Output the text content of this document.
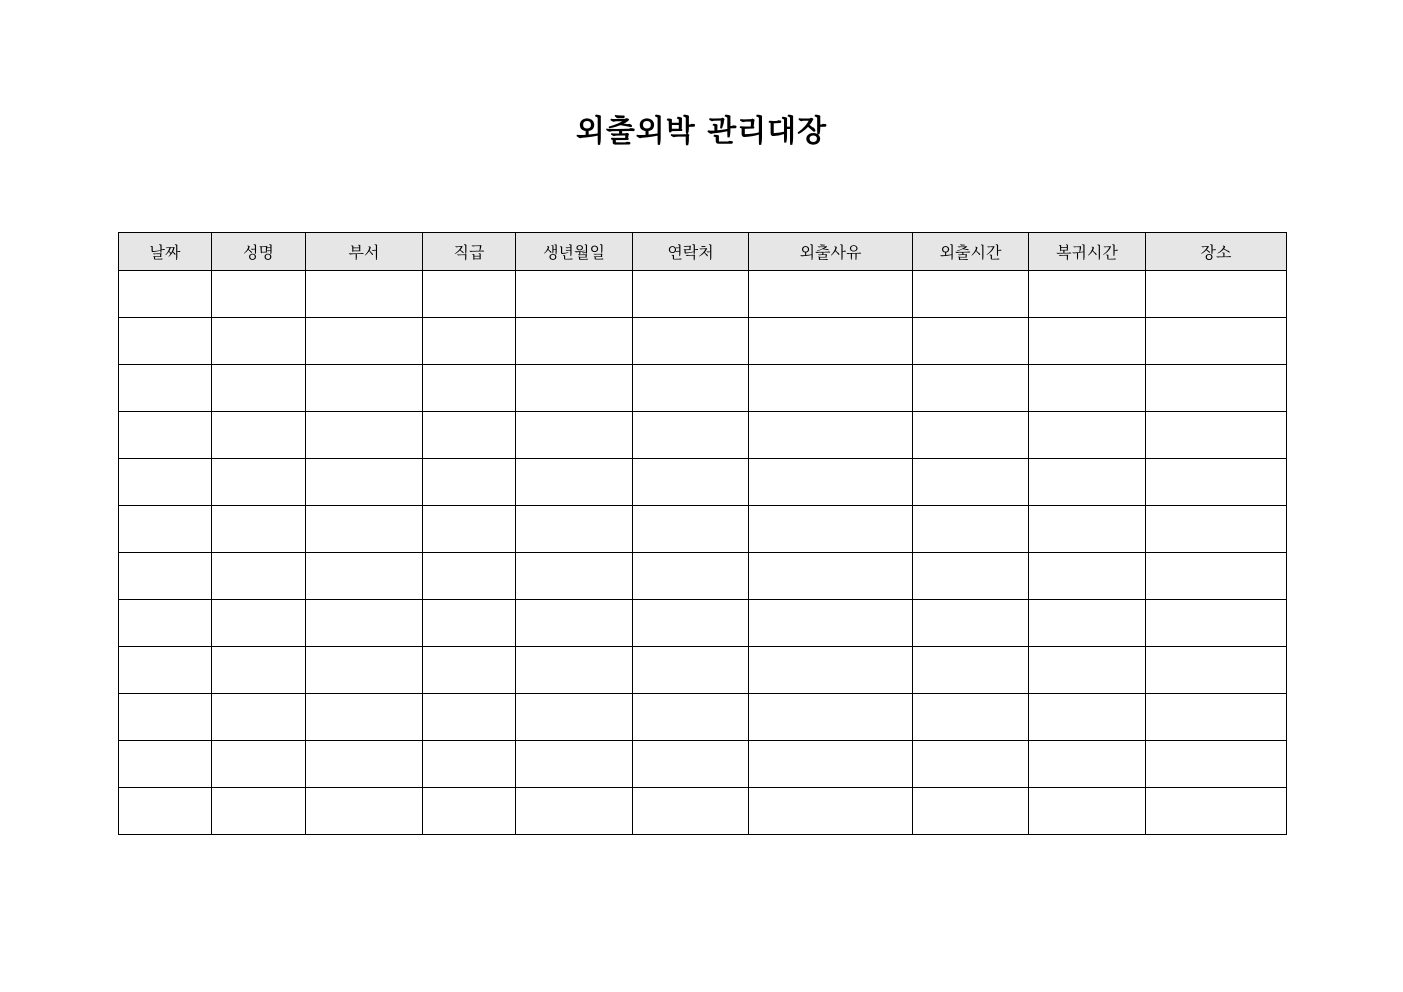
외출외박 관리대장
날짜	성명	부서	직급	생년월일	연락처	외출사유	외출시간	복귀시간	장소
